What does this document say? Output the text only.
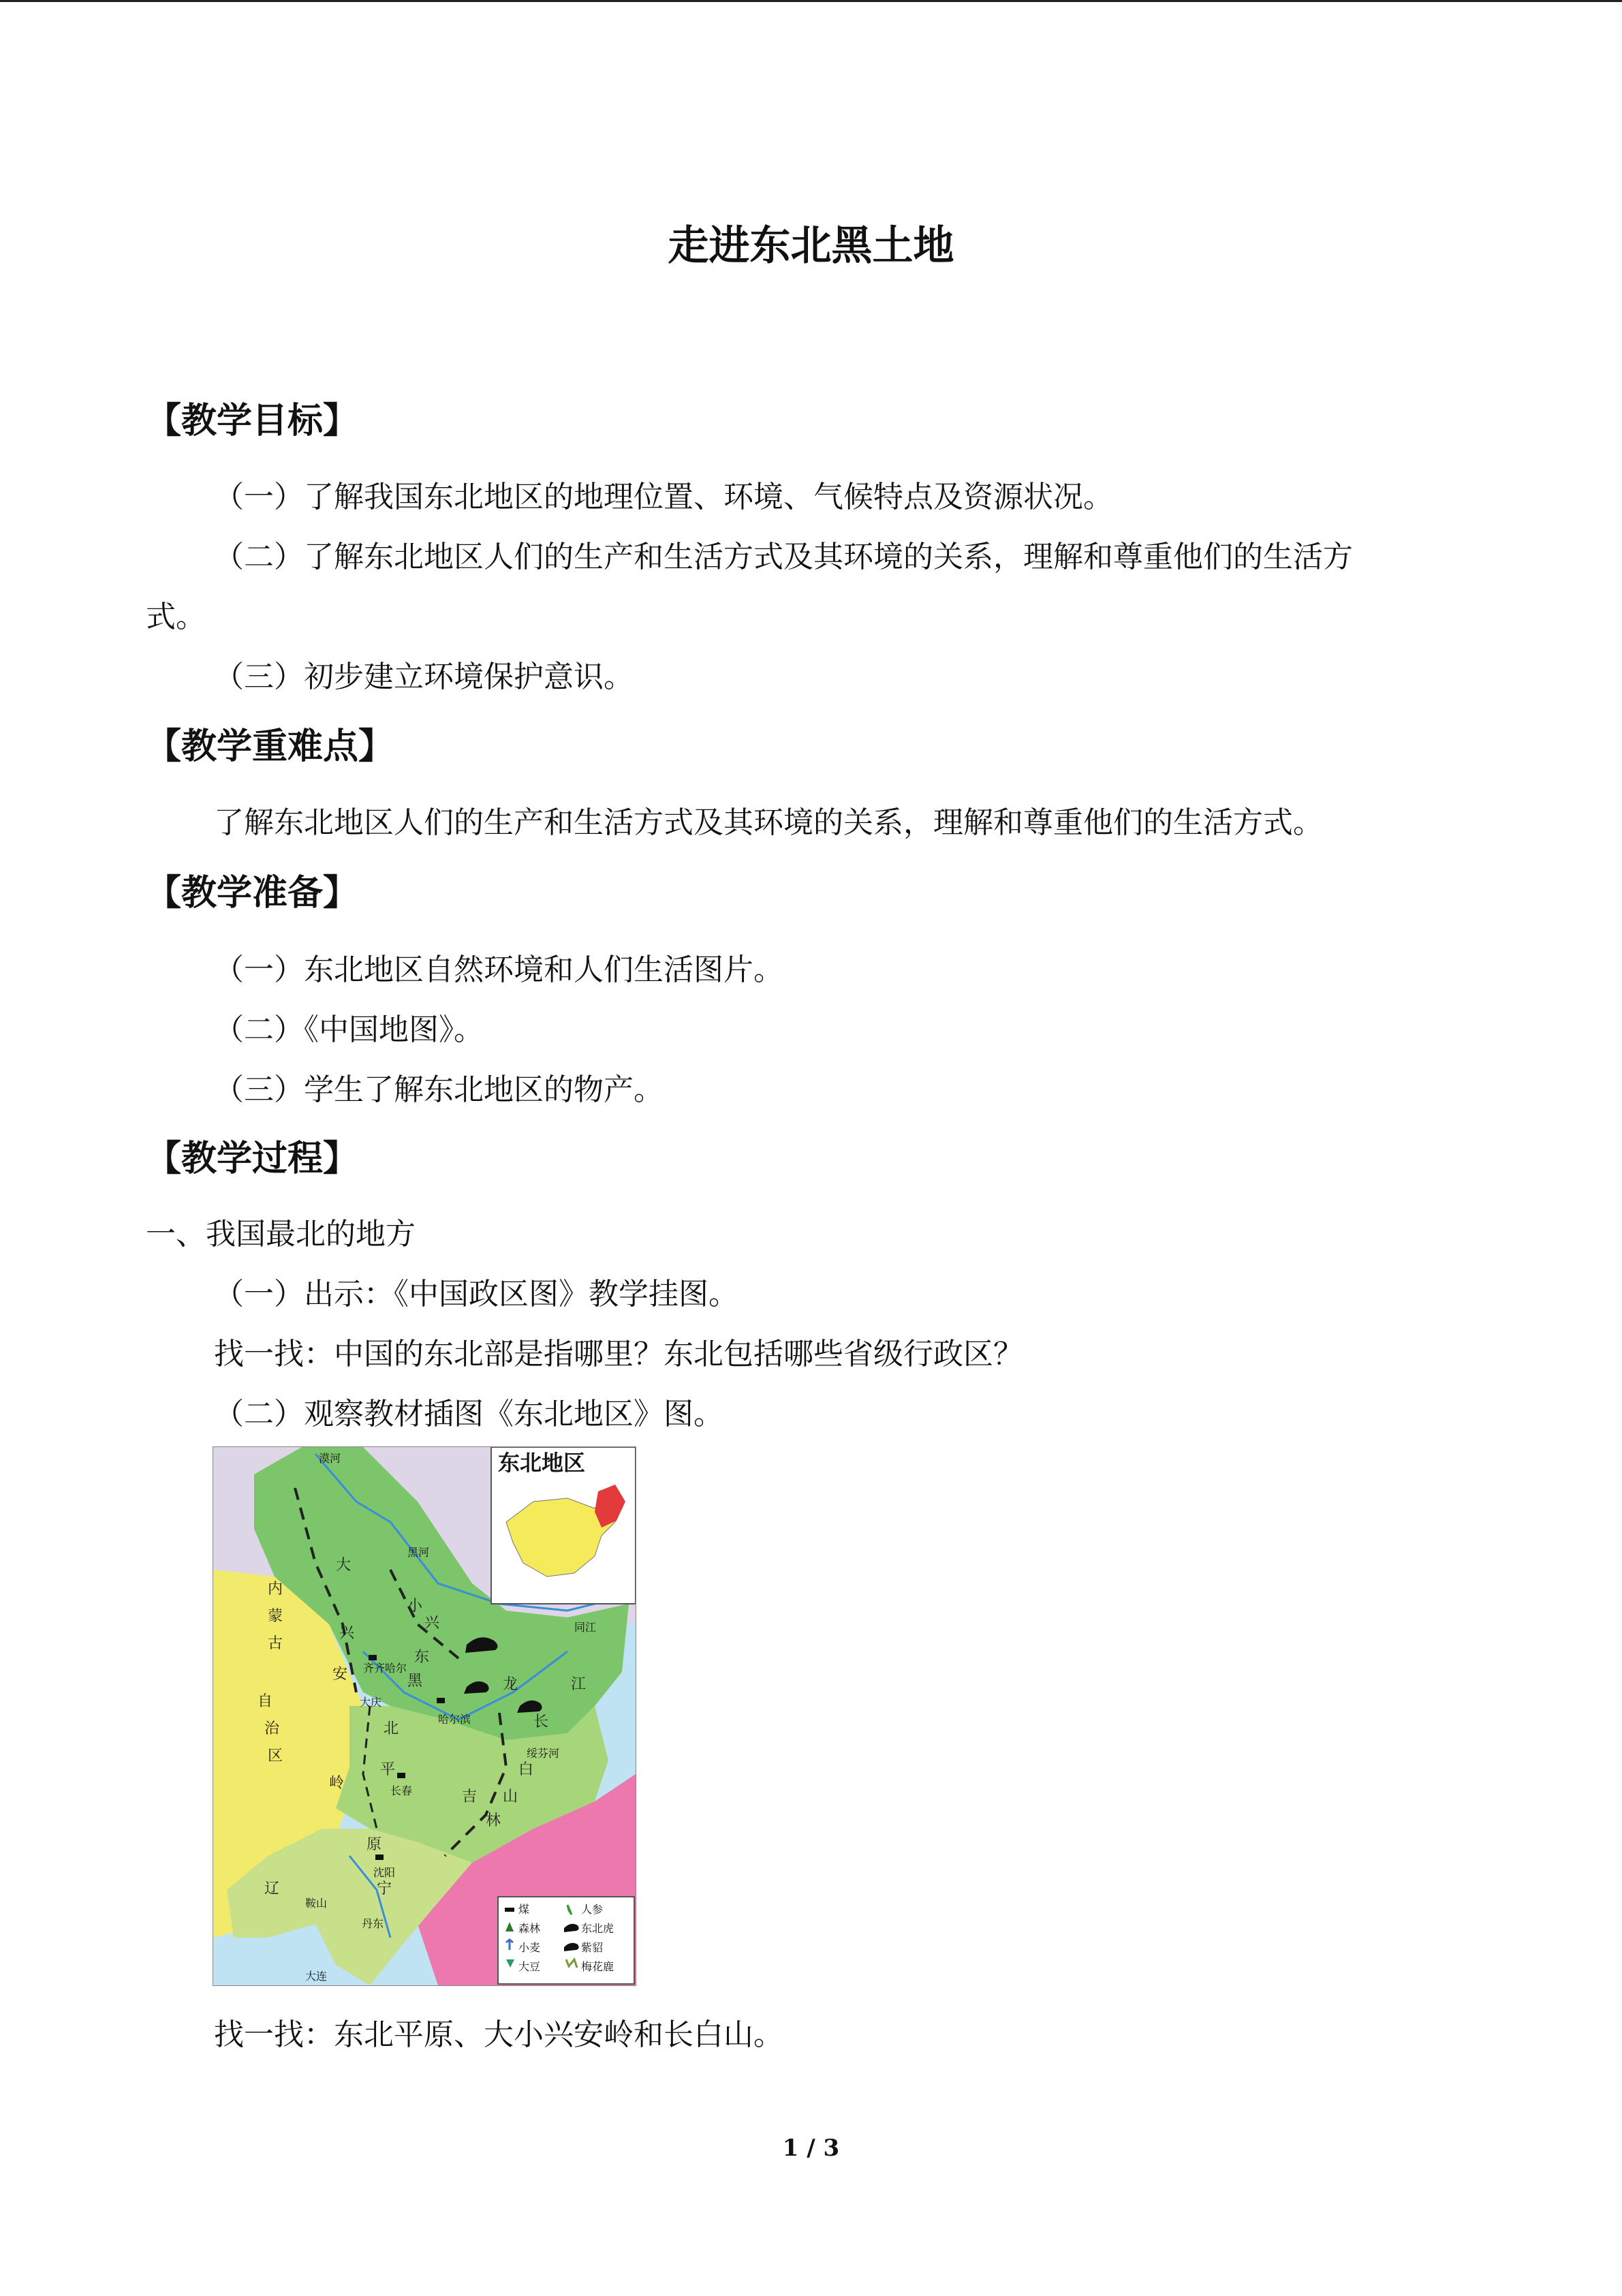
走进东北黑土地
【教学目标】
（一）了解我国东北地区的地理位置、环境、气候特点及资源状况。
（二）了解东北地区人们的生产和生活方式及其环境的关系，理解和尊重他们的生活方
式。
（三）初步建立环境保护意识。
【教学重难点】
了解东北地区人们的生产和生活方式及其环境的关系，理解和尊重他们的生活方式。
【教学准备】
（一）东北地区自然环境和人们生活图片。
（二）《中国地图》。
（三）学生了解东北地区的物产。
【教学过程】
一、我国最北的地方
（一）出示：《中国政区图》教学挂图。
找一找：中国的东北部是指哪里？东北包括哪些省级行政区？
（二）观察教材插图《东北地区》图。
东北地区
漠河
黑河
同江
齐齐哈尔
大庆
哈尔滨
绥芬河
长春
沈阳
鞍山
丹东
大连
内
蒙
古
自
治
区
大
兴
安
岭
小
兴
黑	龙	江
吉
林
辽	宁
长
白
山
东
北
平
原
煤
森林
小麦
大豆
人参
东北虎
紫貂
梅花鹿
找一找：东北平原、大小兴安岭和长白山。
1 / 3
